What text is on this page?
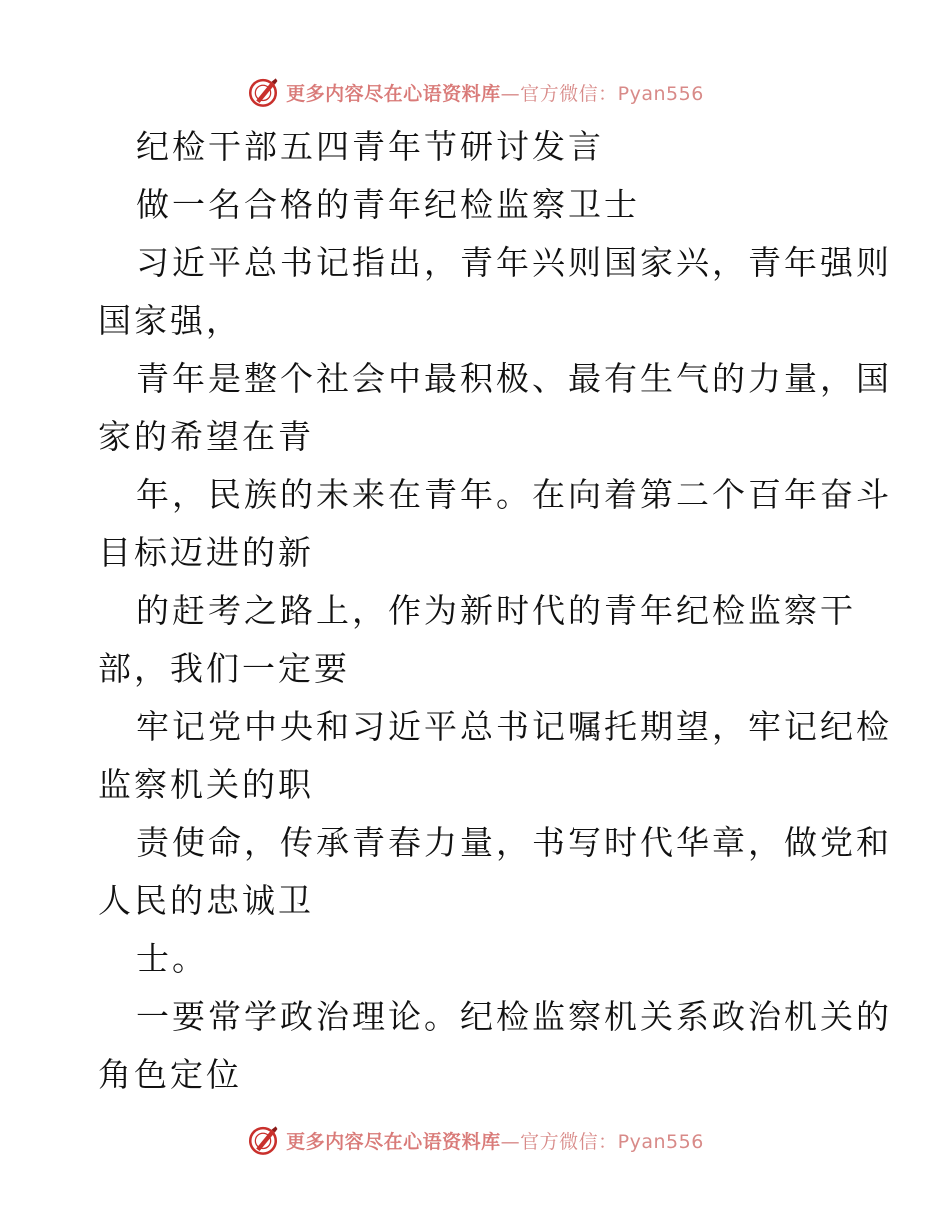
更多内容尽在心语资料库—官方微信：Pyan556
纪检干部五四青年节研讨发言
做一名合格的青年纪检监察卫士
习近平总书记指出，青年兴则国家兴，青年强则
国家强，
青年是整个社会中最积极、最有生气的力量，国
家的希望在青
年，民族的未来在青年。在向着第二个百年奋斗
目标迈进的新
的赶考之路上，作为新时代的青年纪检监察干
部，我们一定要
牢记党中央和习近平总书记嘱托期望，牢记纪检
监察机关的职
责使命，传承青春力量，书写时代华章，做党和
人民的忠诚卫
士。
一要常学政治理论。纪检监察机关系政治机关的
角色定位
更多内容尽在心语资料库—官方微信：Pyan556
